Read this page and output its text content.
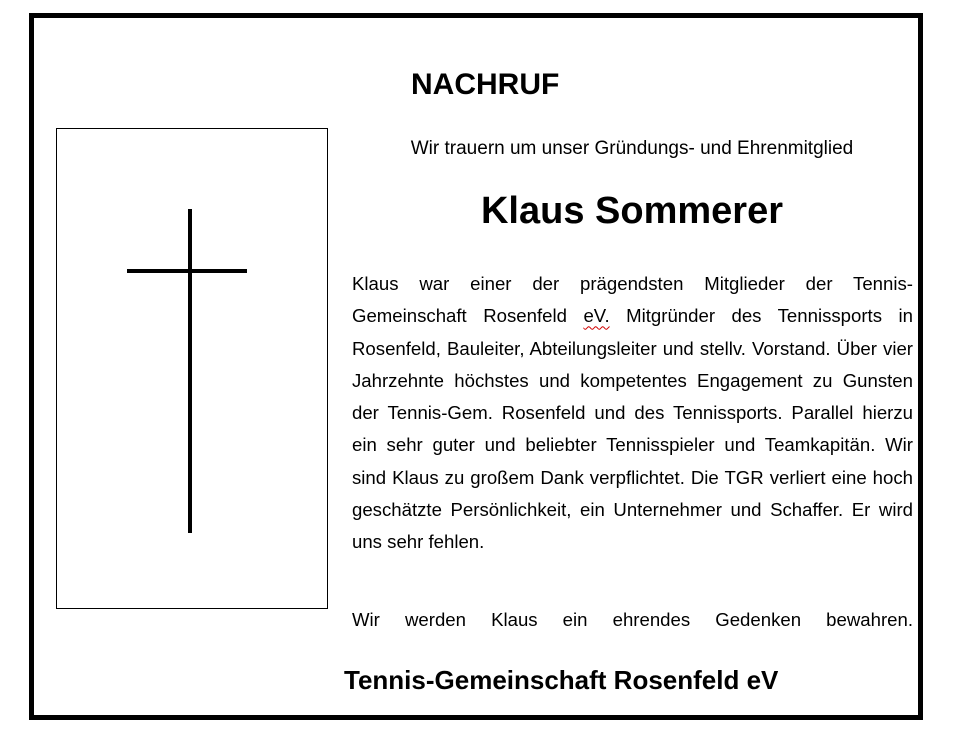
NACHRUF
Wir trauern um unser Gründungs- und Ehrenmitglied
Klaus Sommerer
Klaus war einer der prägendsten Mitglieder der Tennis-Gemeinschaft Rosenfeld eV. Mitgründer des Tennissports in Rosenfeld, Bauleiter, Abteilungsleiter und stellv. Vorstand. Über vier Jahrzehnte höchstes und kompetentes Engagement zu Gunsten der Tennis-Gem. Rosenfeld und des Tennissports. Parallel hierzu ein sehr guter und beliebter Tennisspieler und Teamkapitän. Wir sind Klaus zu großem Dank verpflichtet. Die TGR verliert eine hoch geschätzte Persönlichkeit, ein Unternehmer und Schaffer. Er wird uns sehr fehlen.
Wir werden Klaus ein ehrendes Gedenken bewahren.
Tennis-Gemeinschaft Rosenfeld eV
